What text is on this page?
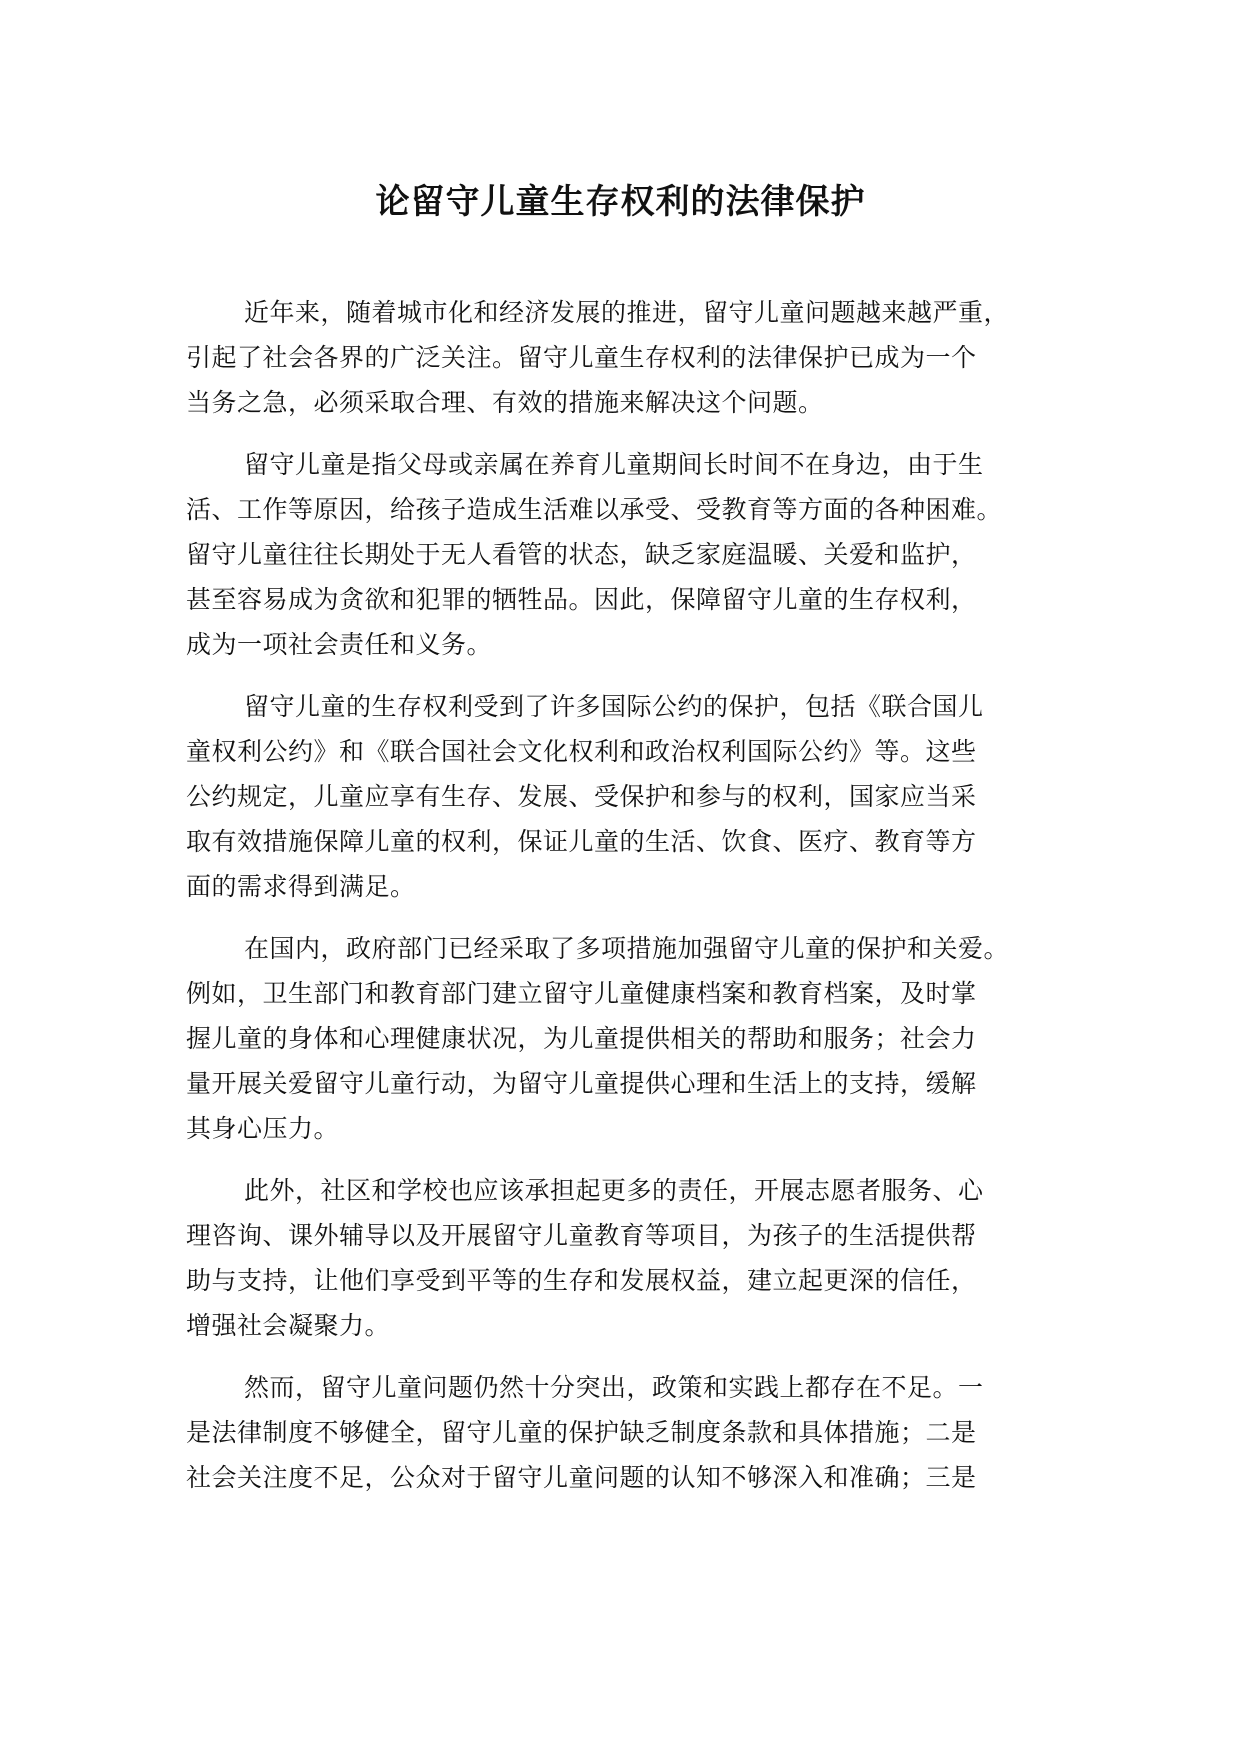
论留守儿童生存权利的法律保护

近年来，随着城市化和经济发展的推进，留守儿童问题越来越严重，
引起了社会各界的广泛关注。留守儿童生存权利的法律保护已成为一个
当务之急，必须采取合理、有效的措施来解决这个问题。

留守儿童是指父母或亲属在养育儿童期间长时间不在身边，由于生
活、工作等原因，给孩子造成生活难以承受、受教育等方面的各种困难。
留守儿童往往长期处于无人看管的状态，缺乏家庭温暖、关爱和监护，
甚至容易成为贪欲和犯罪的牺牲品。因此，保障留守儿童的生存权利，
成为一项社会责任和义务。

留守儿童的生存权利受到了许多国际公约的保护，包括《联合国儿
童权利公约》和《联合国社会文化权利和政治权利国际公约》等。这些
公约规定，儿童应享有生存、发展、受保护和参与的权利，国家应当采
取有效措施保障儿童的权利，保证儿童的生活、饮食、医疗、教育等方
面的需求得到满足。

在国内，政府部门已经采取了多项措施加强留守儿童的保护和关爱。
例如，卫生部门和教育部门建立留守儿童健康档案和教育档案，及时掌
握儿童的身体和心理健康状况，为儿童提供相关的帮助和服务；社会力
量开展关爱留守儿童行动，为留守儿童提供心理和生活上的支持，缓解
其身心压力。

此外，社区和学校也应该承担起更多的责任，开展志愿者服务、心
理咨询、课外辅导以及开展留守儿童教育等项目，为孩子的生活提供帮
助与支持，让他们享受到平等的生存和发展权益，建立起更深的信任，
增强社会凝聚力。

然而，留守儿童问题仍然十分突出，政策和实践上都存在不足。一
是法律制度不够健全，留守儿童的保护缺乏制度条款和具体措施；二是
社会关注度不足，公众对于留守儿童问题的认知不够深入和准确；三是
